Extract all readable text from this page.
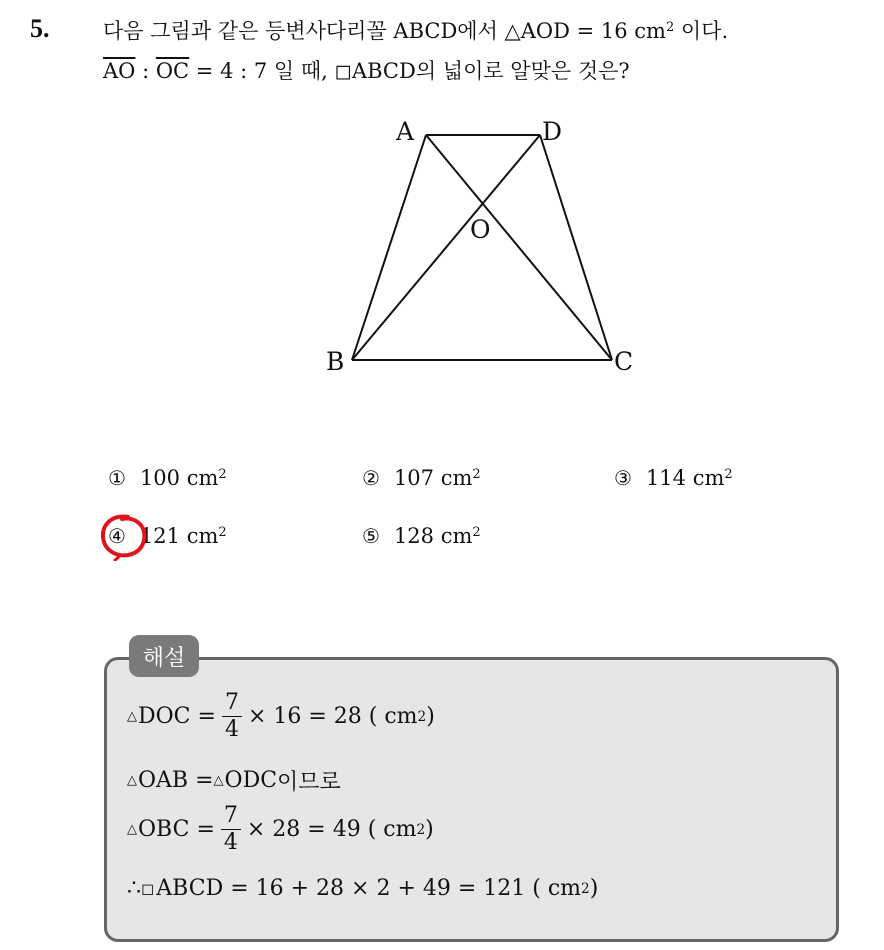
5.	다음 그림과 같은 등변사다리꼴 ABCD에서 △AOD = 16 $cm^2$ 이다.
$\overline{AO}$ : $\overline{OC} = 4$ : 7 일 때, ◻ABCD의 넓이로 알맞은 것은?
A	D
O
B	C
① 100 $cm^2$	② 107 $cm^2$	③ 114 $cm^2$
④ 121 $cm^2$	⑤ 128 $cm^2$
해설
△ DOC = $\frac{7}{4} \times 16 = 28$ ( cm 2 )
△ OAB = △ ODC 이므로
△ OBC = $\frac{7}{4} \times 28 = 49$ ( cm 2 )
∴ ◻ ABCD = 16 + 28 × 2 + 49 = 121 ( cm 2 )
